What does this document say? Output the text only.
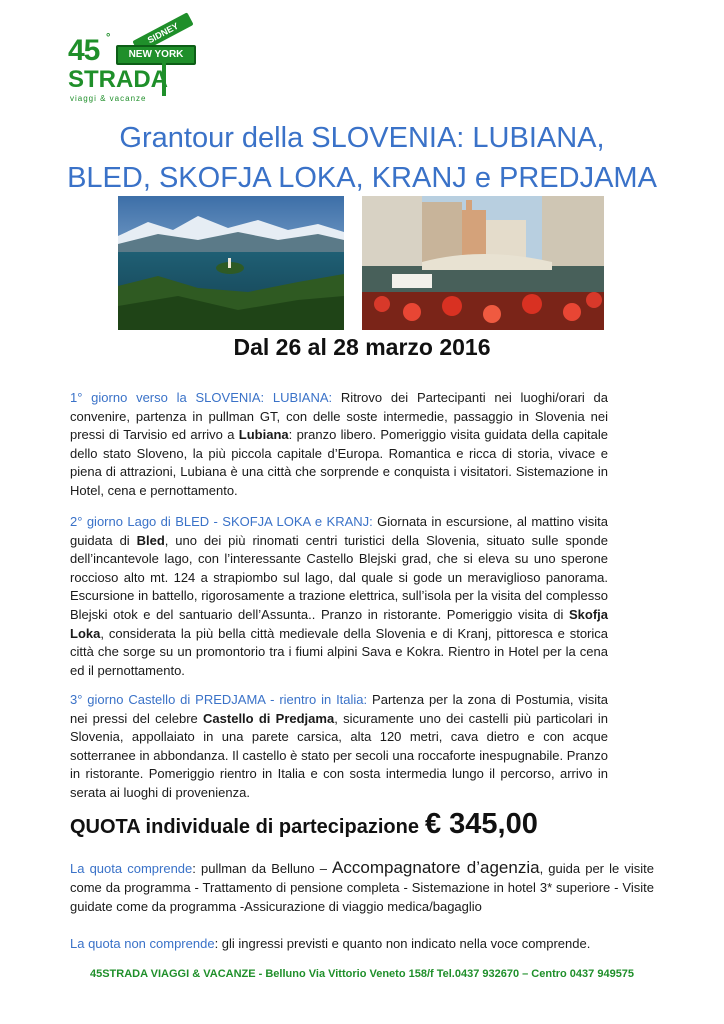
SIDNEY
45 °
NEW YORK
STRADA
viaggi & vacanze
Grantour della SLOVENIA: LUBIANA,
BLED, SKOFJA LOKA, KRANJ e PREDJAMA
Dal 26 al 28 marzo 2016

1° giorno verso la SLOVENIA: LUBIANA: Ritrovo dei Partecipanti nei luoghi/orari da convenire, partenza in pullman GT, con delle soste intermedie, passaggio in Slovenia nei pressi di Tarvisio ed arrivo a Lubiana: pranzo libero. Pomeriggio visita guidata della capitale dello stato Sloveno, la più piccola capitale d’Europa. Romantica e ricca di storia, vivace e piena di attrazioni, Lubiana è una città che sorprende e conquista i visitatori. Sistemazione in Hotel, cena e pernottamento.

2° giorno Lago di BLED - SKOFJA LOKA e KRANJ: Giornata in escursione, al mattino visita guidata di Bled, uno dei più rinomati centri turistici della Slovenia, situato sulle sponde dell’incantevole lago, con l’interessante Castello Blejski grad, che si eleva su uno sperone roccioso alto mt. 124 a strapiombo sul lago, dal quale si gode un meraviglioso panorama. Escursione in battello, rigorosamente a trazione elettrica, sull’isola per la visita del complesso Blejski otok e del santuario dell’Assunta.. Pranzo in ristorante. Pomeriggio visita di Skofja Loka, considerata la più bella città medievale della Slovenia e di Kranj, pittoresca e storica città che sorge su un promontorio tra i fiumi alpini Sava e Kokra. Rientro in Hotel per la cena ed il pernottamento.

3° giorno Castello di PREDJAMA - rientro in Italia: Partenza per la zona di Postumia, visita nei pressi del celebre Castello di Predjama, sicuramente uno dei castelli più particolari in Slovenia, appollaiato in una parete carsica, alta 120 metri, cava dietro e con acque sotterranee in abbondanza. Il castello è stato per secoli una roccaforte inespugnabile. Pranzo in ristorante. Pomeriggio rientro in Italia e con sosta intermedia lungo il percorso, arrivo in serata ai luoghi di provenienza.

QUOTA individuale di partecipazione € 345,00

La quota comprende: pullman da Belluno – Accompagnatore d’agenzia, guida per le visite come da programma - Trattamento di pensione completa - Sistemazione in hotel 3* superiore - Visite guidate come da programma -Assicurazione di viaggio medica/bagaglio

La quota non comprende: gli ingressi previsti e quanto non indicato nella voce comprende.

45STRADA VIAGGI & VACANZE - Belluno Via Vittorio Veneto 158/f Tel.0437 932670 – Centro 0437 949575
